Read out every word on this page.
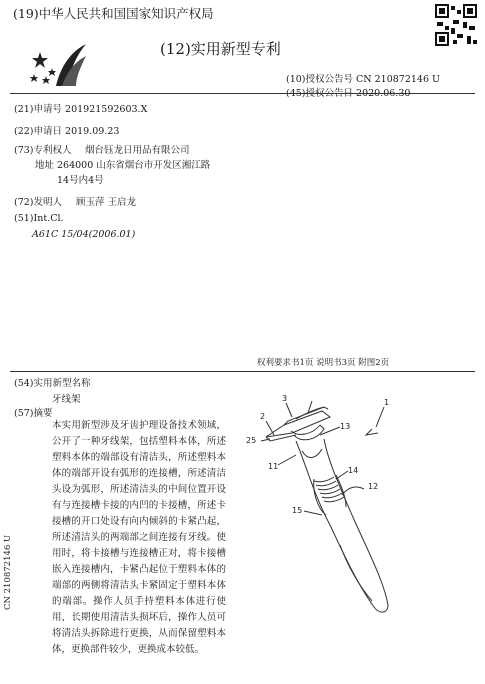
(19)中华人民共和国国家知识产权局
(12)实用新型专利
(10)授权公告号 CN 210872146 U
(45)授权公告日 2020.06.30
(21)申请号 201921592603.X
(22)申请日 2019.09.23
(73)专利权人 烟台钰龙日用品有限公司
地址 264000 山东省烟台市开发区湘江路
14号内4号
(72)发明人 顾玉萍 王启龙
(51)Int.Cl.
A61C 15/04(2006.01)
权利要求书1页 说明书3页 附图2页
(54)实用新型名称
牙线架
(57)摘要
本实用新型涉及牙齿护理设备技术领域，公开了一种牙线架，包括塑料本体，所述塑料本体的端部设有清洁头，所述塑料本体的端部开设有弧形的连接槽，所述清洁头设为弧形，所述清洁头的中间位置开设有与连接槽卡接的内凹的卡接槽，所述卡接槽的开口处设有向内倾斜的卡紧凸起，所述清洁头的两端部之间连接有牙线。使用时，将卡接槽与连接槽正对，将卡接槽嵌入连接槽内，卡紧凸起位于塑料本体的端部的两侧将清洁头卡紧固定于塑料本体的端部。操作人员手持塑料本体进行使用，长期使用清洁头损坏后，操作人员可将清洁头拆除进行更换，从而保留塑料本体，更换部件较少，更换成本较低。
CN 210872146 U
1
2
3
25
11
13
14
12
15
